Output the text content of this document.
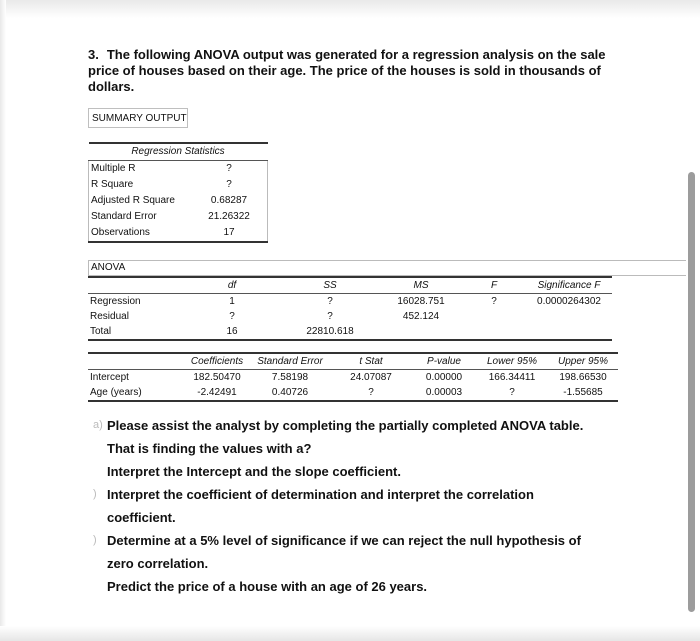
3. The following ANOVA output was generated for a regression analysis on the sale price of houses based on their age. The price of the houses is sold in thousands of dollars.
SUMMARY OUTPUT
Regression Statistics	
Multiple R	?
R Square	?
Adjusted R Square	0.68287
Standard Error	21.26322
Observations	17
ANOVA
	df	SS	MS	F	Significance F
Regression	1	?	16028.751	?	0.0000264302
Residual	?	?	452.124		
Total	16	22810.618			
	Coefficients	Standard Error	t Stat	P-value	Lower 95%	Upper 95%
Intercept	182.50470	7.58198	24.07087	0.00000	166.34411	198.66530
Age (years)	-2.42491	0.40726	?	0.00003	?	-1.55685
a) Please assist the analyst by completing the partially completed ANOVA table.
That is finding the values with a?
Interpret the Intercept and the slope coefficient.
) Interpret the coefficient of determination and interpret the correlation
coefficient.
) Determine at a 5% level of significance if we can reject the null hypothesis of
zero correlation.
Predict the price of a house with an age of 26 years.
